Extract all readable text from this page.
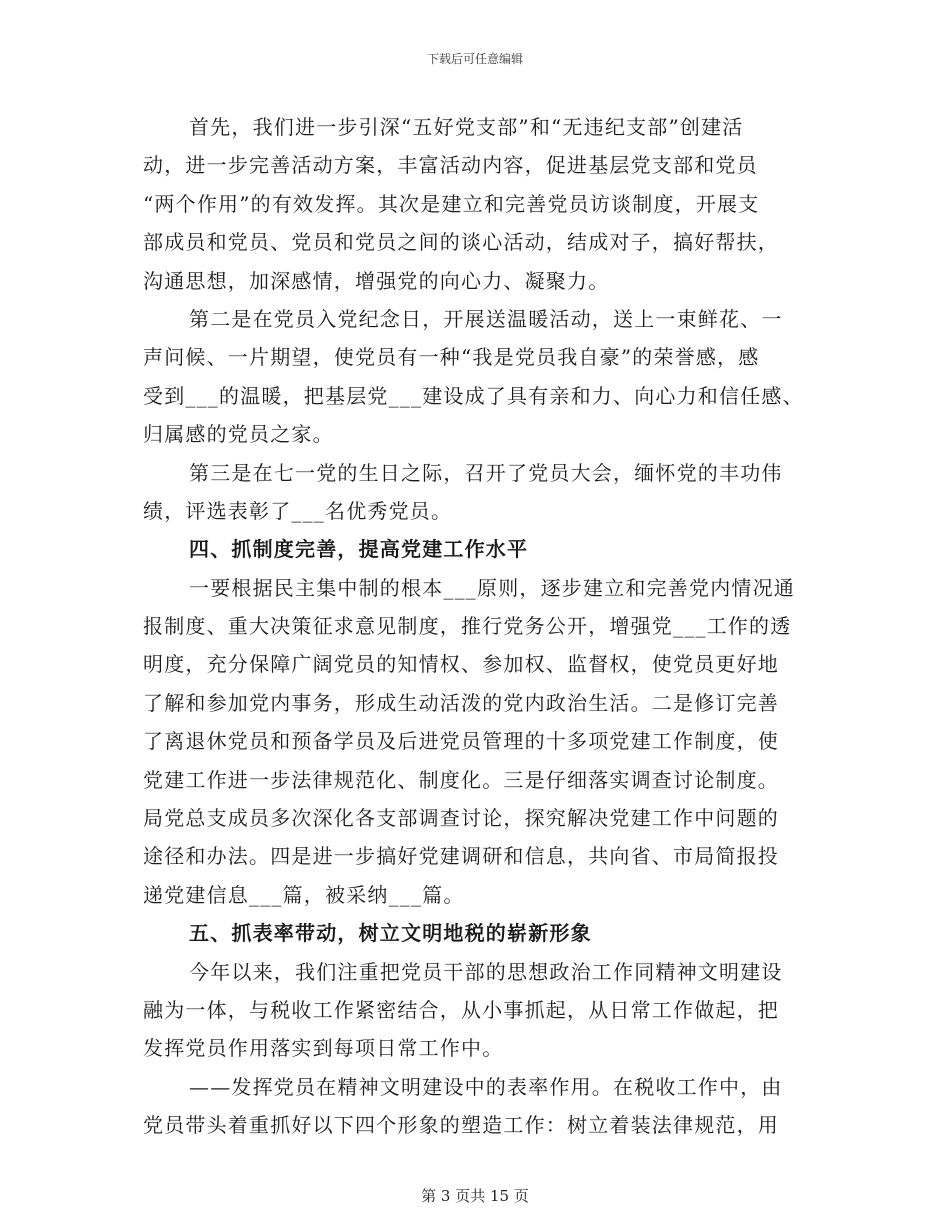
下载后可任意编辑
首先，我们进一步引深“五好党支部”和“无违纪支部”创建活
动，进一步完善活动方案，丰富活动内容，促进基层党支部和党员
“两个作用”的有效发挥。其次是建立和完善党员访谈制度，开展支
部成员和党员、党员和党员之间的谈心活动，结成对子，搞好帮扶，
沟通思想，加深感情，增强党的向心力、凝聚力。
第二是在党员入党纪念日，开展送温暖活动，送上一束鲜花、一
声问候、一片期望，使党员有一种“我是党员我自豪”的荣誉感，感
受到___的温暖，把基层党___建设成了具有亲和力、向心力和信任感、
归属感的党员之家。
第三是在七一党的生日之际，召开了党员大会，缅怀党的丰功伟
绩，评选表彰了___名优秀党员。
四、抓制度完善，提高党建工作水平
一要根据民主集中制的根本___原则，逐步建立和完善党内情况通
报制度、重大决策征求意见制度，推行党务公开，增强党___工作的透
明度，充分保障广阔党员的知情权、参加权、监督权，使党员更好地
了解和参加党内事务，形成生动活泼的党内政治生活。二是修订完善
了离退休党员和预备学员及后进党员管理的十多项党建工作制度，使
党建工作进一步法律规范化、制度化。三是仔细落实调查讨论制度。
局党总支成员多次深化各支部调查讨论，探究解决党建工作中问题的
途径和办法。四是进一步搞好党建调研和信息，共向省、市局简报投
递党建信息___篇，被采纳___篇。
五、抓表率带动，树立文明地税的崭新形象
今年以来，我们注重把党员干部的思想政治工作同精神文明建设
融为一体，与税收工作紧密结合，从小事抓起，从日常工作做起，把
发挥党员作用落实到每项日常工作中。
——发挥党员在精神文明建设中的表率作用。在税收工作中，由
党员带头着重抓好以下四个形象的塑造工作：树立着装法律规范，用
第 3 页共 15 页
